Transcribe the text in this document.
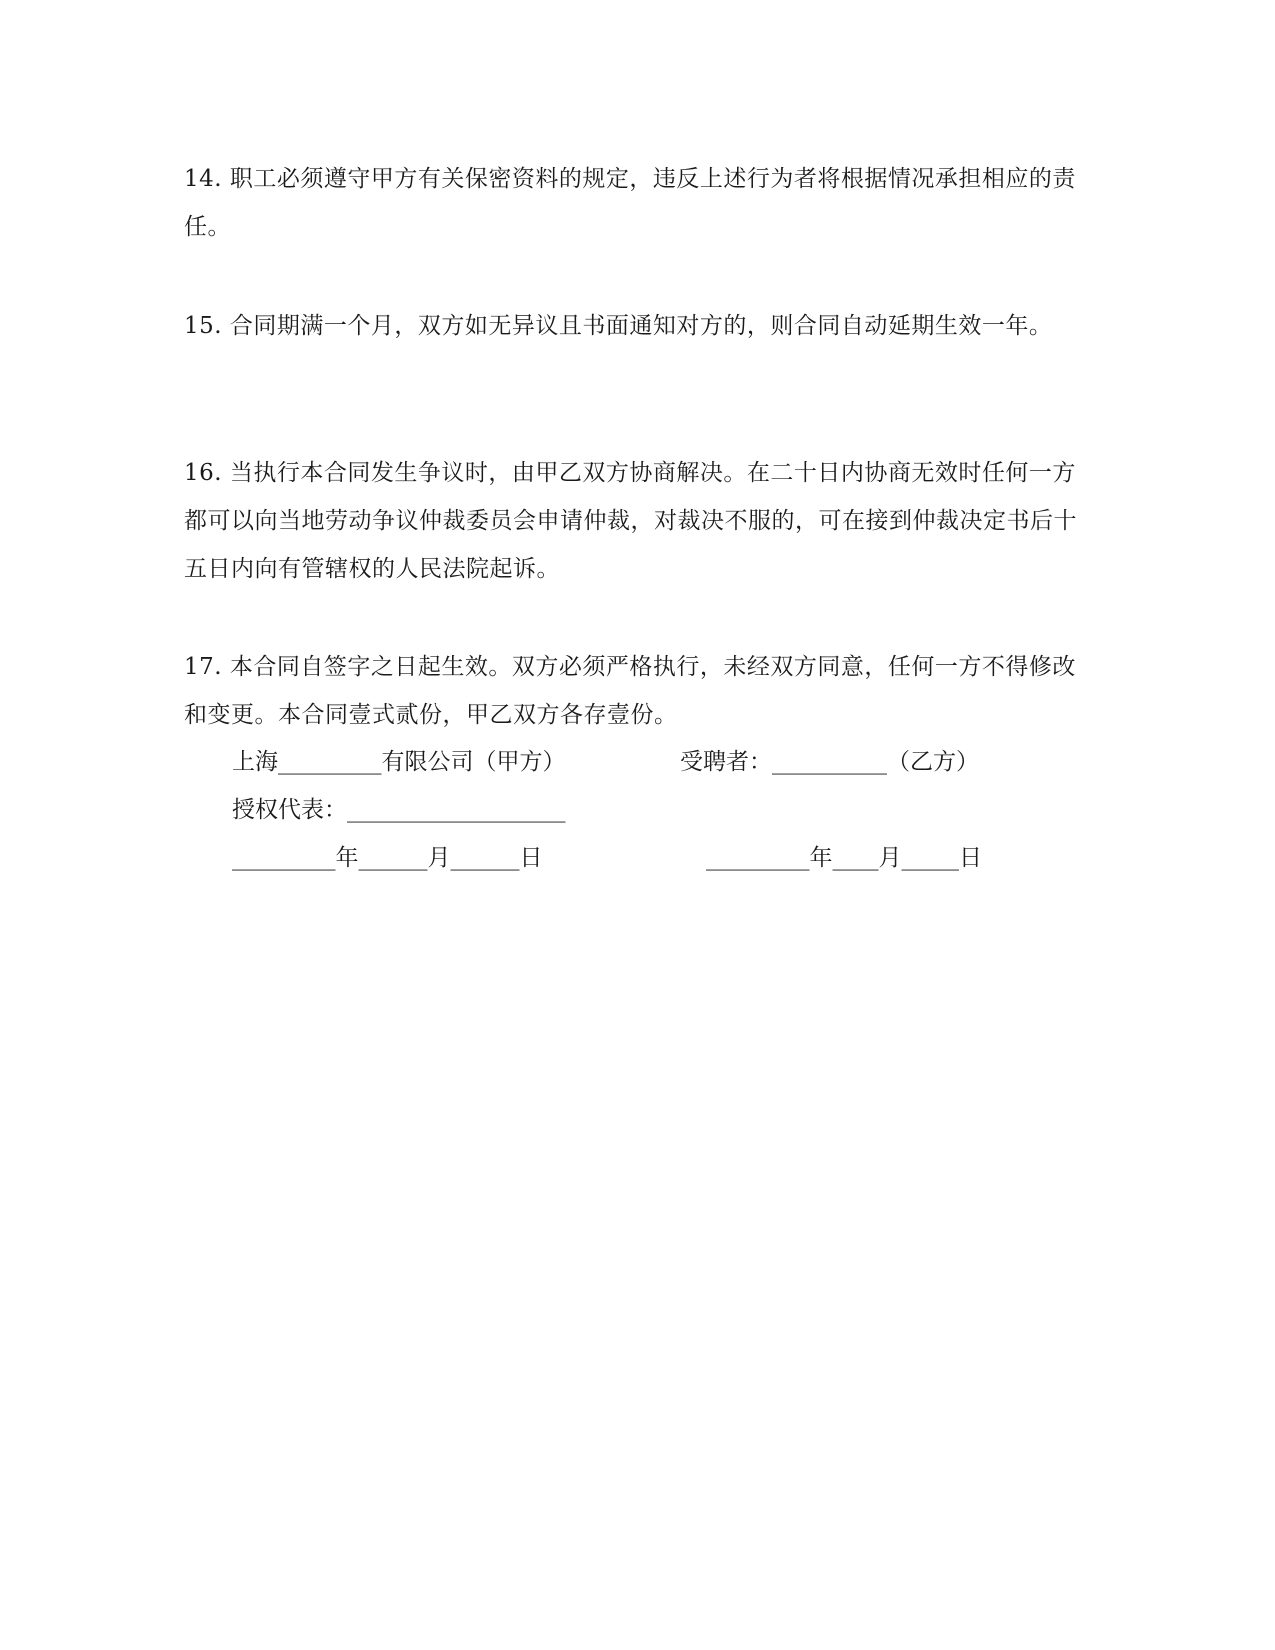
14. 职工必须遵守甲方有关保密资料的规定，违反上述行为者将根据情况承担相应的责任。

15. 合同期满一个月，双方如无异议且书面通知对方的，则合同自动延期生效一年。

16. 当执行本合同发生争议时，由甲乙双方协商解决。在二十日内协商无效时任何一方都可以向当地劳动争议仲裁委员会申请仲裁，对裁决不服的，可在接到仲裁决定书后十五日内向有管辖权的人民法院起诉。

17. 本合同自签字之日起生效。双方必须严格执行，未经双方同意，任何一方不得修改和变更。本合同壹式贰份，甲乙双方各存壹份。

上海_________有限公司（甲方）	受聘者：__________（乙方）
授权代表：___________________
_________年______月______日	_________年____月_____日
